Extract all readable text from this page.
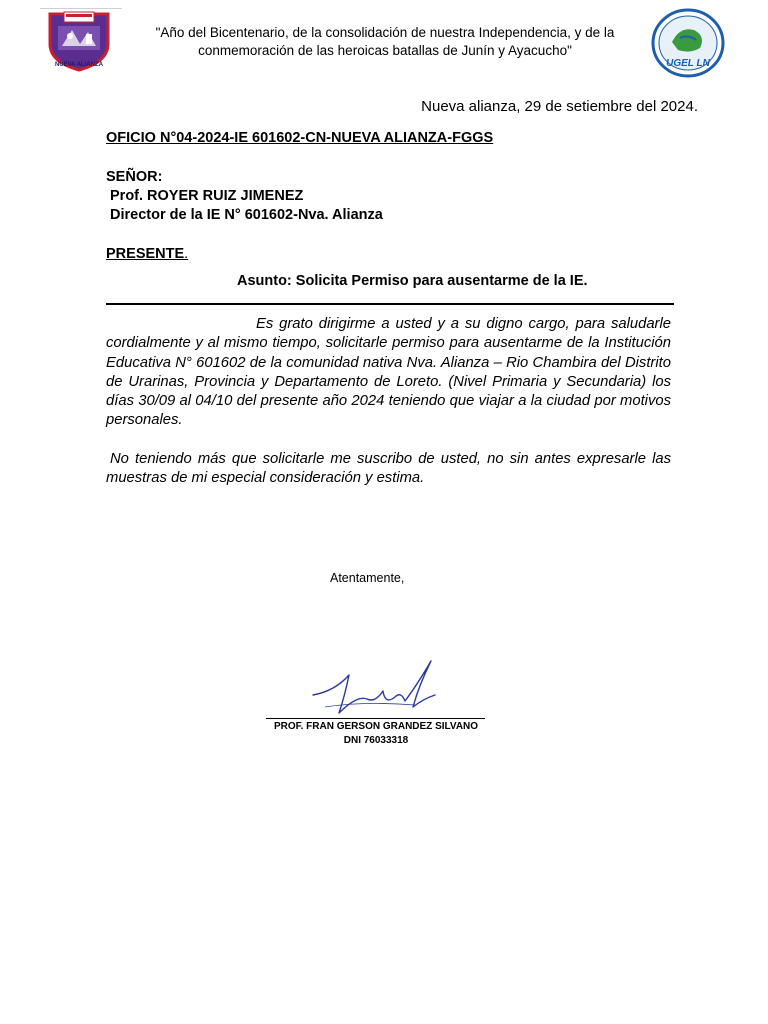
NUEVA ALIANZA
"Año del Bicentenario, de la consolidación de nuestra Independencia, y de la conmemoración de las heroicas batallas de Junín y Ayacucho"
UGEL LN
Nueva alianza, 29 de setiembre del 2024.
OFICIO N°04-2024-IE 601602-CN-NUEVA ALIANZA-FGGS
SEÑOR:
Prof. ROYER RUIZ JIMENEZ
Director de la IE N° 601602-Nva. Alianza
PRESENTE.
Asunto: Solicita Permiso para ausentarme de la IE.
Es grato dirigirme a usted y a su digno cargo, para saludarle cordialmente y al mismo tiempo, solicitarle permiso para ausentarme de la Institución Educativa N° 601602 de la comunidad nativa Nva. Alianza – Rio Chambira del Distrito de Urarinas, Provincia y Departamento de Loreto. (Nivel Primaria y Secundaria) los días 30/09 al 04/10 del presente año 2024 teniendo que viajar a la ciudad por motivos personales.
No teniendo más que solicitarle me suscribo de usted, no sin antes expresarle las muestras de mi especial consideración y estima.
Atentamente,
PROF. FRAN GERSON GRANDEZ SILVANO
DNI 76033318
